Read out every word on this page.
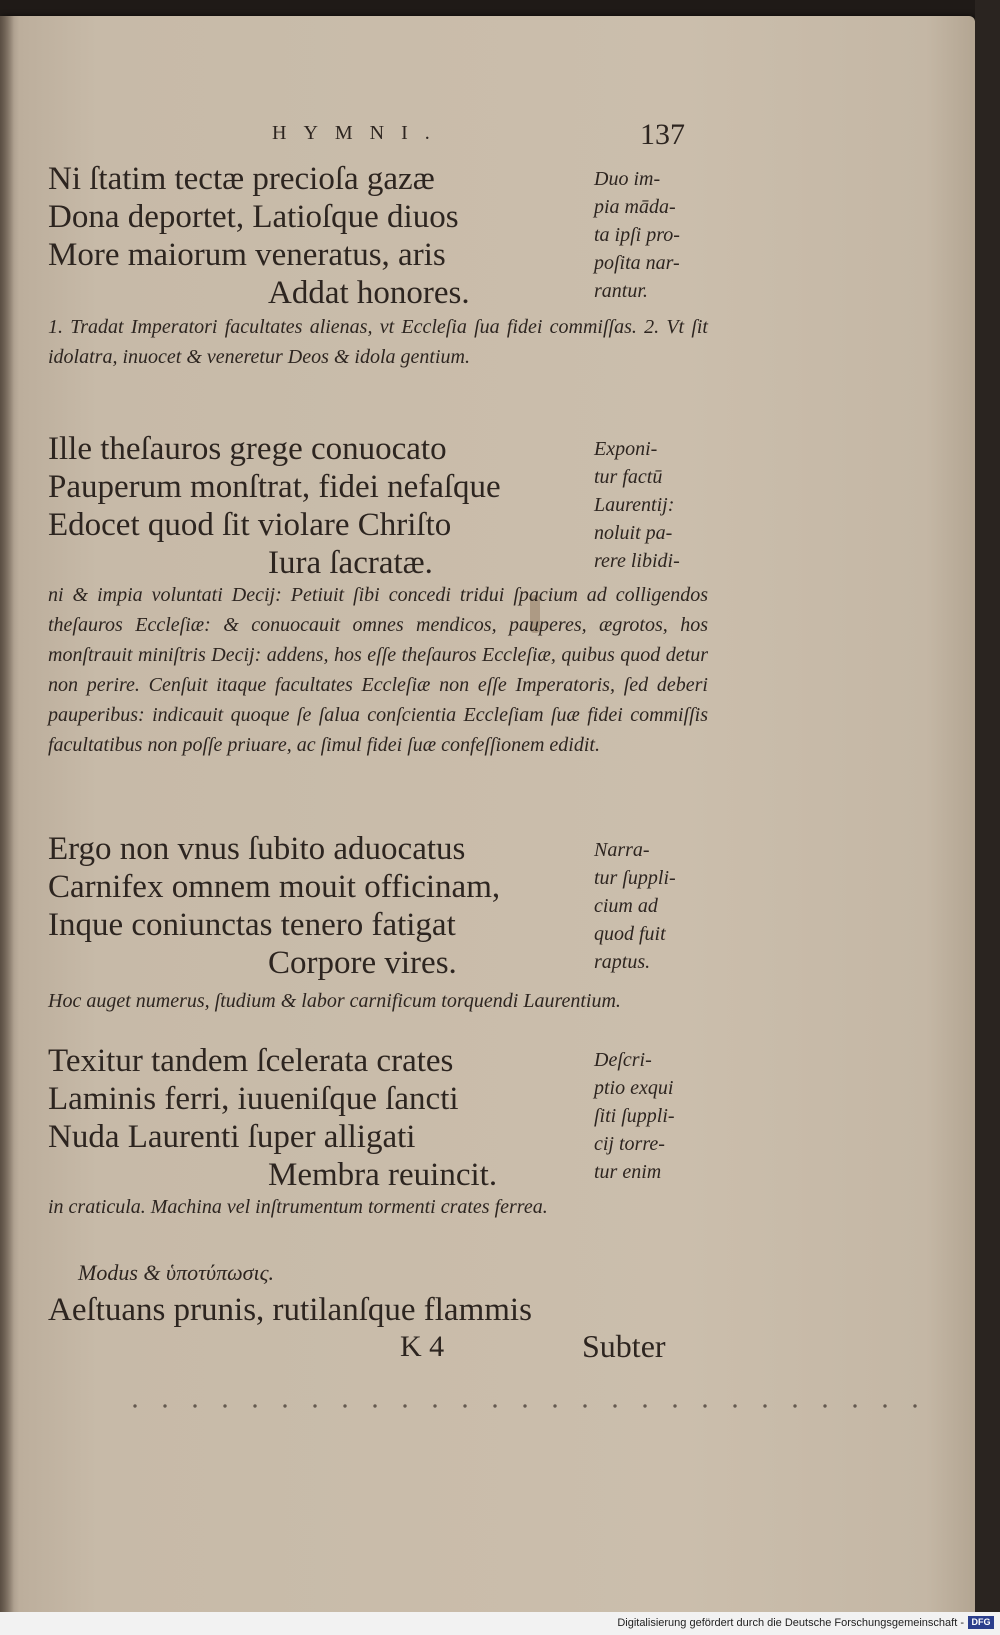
HYMNI.	137
Ni ſtatim tectæ precioſa gazæ
Dona deportet, Latioſque diuos
More maiorum veneratus, aris
Addat honores.
Duo im-
pia māda-
ta ipſi pro-
poſita nar-
rantur.
1. Tradat Imperatori facultates alienas, vt Eccleſia ſua fidei commiſſas. 2. Vt ſit idolatra, inuocet & veneretur Deos & idola gentium.
Ille theſauros grege conuocato
Pauperum monſtrat, fidei nefaſque
Edocet quod ſit violare Chriſto
Iura ſacratæ.
Exponi-
tur factū
Laurentij:
noluit pa-
rere libidi-
ni & impia voluntati Decij: Petiuit ſibi concedi tridui ſpacium ad colligendos theſauros Eccleſiæ: & conuocauit omnes mendicos, pauperes, ægrotos, hos monſtrauit miniſtris Decij: addens, hos eſſe theſauros Eccleſiæ, quibus quod detur non perire. Cenſuit itaque facultates Eccleſiæ non eſſe Imperatoris, ſed deberi pauperibus: indicauit quoque ſe ſalua conſcientia Eccleſiam ſuæ fidei commiſſis facultatibus non poſſe priuare, ac ſimul fidei ſuæ confeſſionem edidit.
Ergo non vnus ſubito aduocatus
Carnifex omnem mouit officinam,
Inque coniunctas tenero fatigat
Corpore vires.
Narra-
tur ſuppli-
cium ad
quod fuit
raptus.
Hoc auget numerus, ſtudium & labor carnificum torquendi Laurentium.
Texitur tandem ſcelerata crates
Laminis ferri, iuueniſque ſancti
Nuda Laurenti ſuper alligati
Membra reuincit.
Deſcri-
ptio exqui
ſiti ſuppli-
cij torre-
tur enim
in craticula. Machina vel inſtrumentum tormenti crates ferrea.
Modus & ὑποτύπωσις.
Aeſtuans prunis, rutilanſque flammis
K 4	Subter
Digitalisierung gefördert durch die Deutsche Forschungsgemeinschaft - DFG
